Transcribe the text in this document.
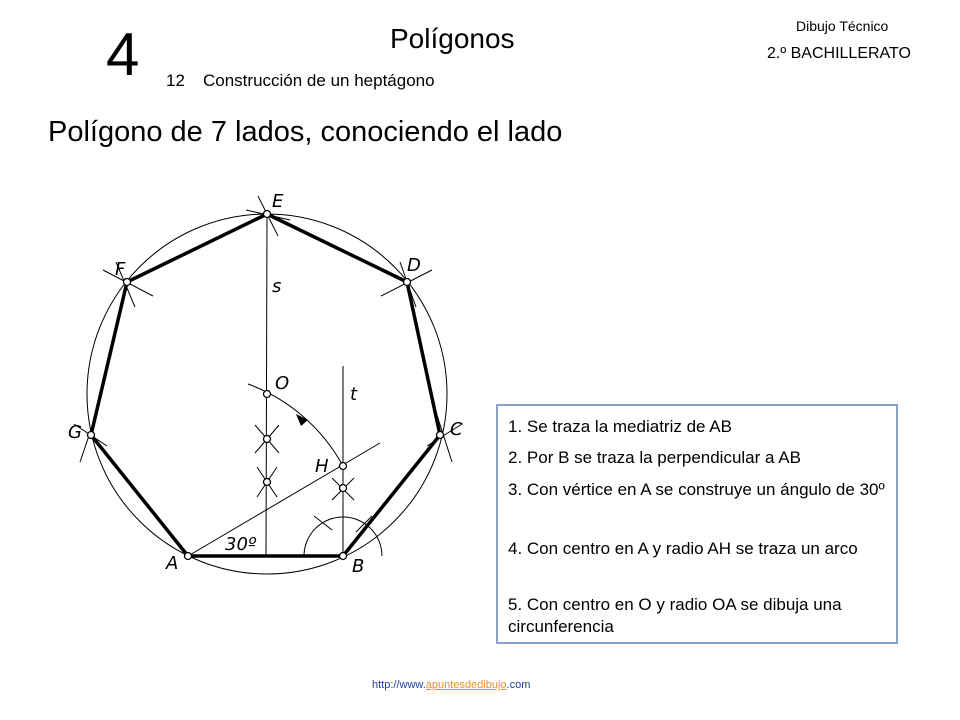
4	Polígonos
12 Construcción de un heptágono
Dibujo Técnico
2.º BACHILLERATO
Polígono de 7 lados, conociendo el lado
A	B
C
D
E
F
G
O
H
s
t
30º
1. Se traza la mediatriz de AB
2. Por B se traza la perpendicular a AB
3. Con vértice en A se construye un ángulo de 30º
4. Con centro en A y radio AH se traza un arco
5. Con centro en O y radio OA se dibuja una circunferencia
http://www.apuntesdedibujo.com
